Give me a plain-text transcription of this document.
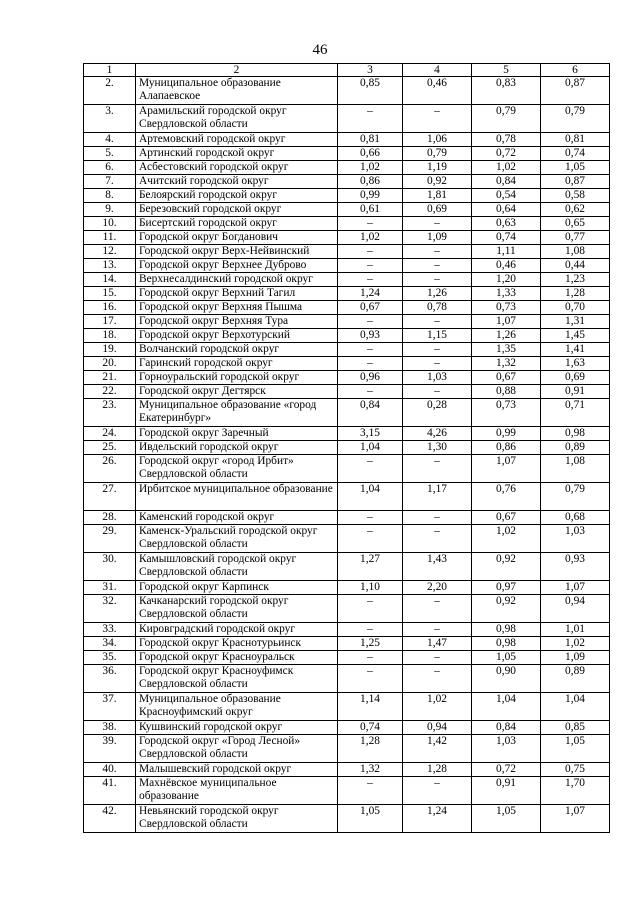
46
1	2	3	4	5	6
2.	Муниципальное образование Алапаевское	0,85	0,46	0,83	0,87
3.	Арамильский городской округ Свердловской области	–	–	0,79	0,79
4.	Артемовский городской округ	0,81	1,06	0,78	0,81
5.	Артинский городской округ	0,66	0,79	0,72	0,74
6.	Асбестовский городской округ	1,02	1,19	1,02	1,05
7.	Ачитский городской округ	0,86	0,92	0,84	0,87
8.	Белоярский городской округ	0,99	1,81	0,54	0,58
9.	Березовский городской округ	0,61	0,69	0,64	0,62
10.	Бисертский городской округ	–	–	0,63	0,65
11.	Городской округ Богданович	1,02	1,09	0,74	0,77
12.	Городской округ Верх-Нейвинский	–	–	1,11	1,08
13.	Городской округ Верхнее Дуброво	–	–	0,46	0,44
14.	Верхнесалдинский городской округ	–	–	1,20	1,23
15.	Городской округ Верхний Тагил	1,24	1,26	1,33	1,28
16.	Городской округ Верхняя Пышма	0,67	0,78	0,73	0,70
17.	Городской округ Верхняя Тура	–	–	1,07	1,31
18.	Городской округ Верхотурский	0,93	1,15	1,26	1,45
19.	Волчанский городской округ	–	–	1,35	1,41
20.	Гаринский городской округ	–	–	1,32	1,63
21.	Горноуральский городской округ	0,96	1,03	0,67	0,69
22.	Городской округ Дегтярск	–	–	0,88	0,91
23.	Муниципальное образование «город Екатеринбург»	0,84	0,28	0,73	0,71
24.	Городской округ Заречный	3,15	4,26	0,99	0,98
25.	Ивдельский городской округ	1,04	1,30	0,86	0,89
26.	Городской округ «город Ирбит» Свердловской области	–	–	1,07	1,08
27.	Ирбитское муниципальное образование	1,04	1,17	0,76	0,79
28.	Каменский городской округ	–	–	0,67	0,68
29.	Каменск-Уральский городской округ Свердловской области	–	–	1,02	1,03
30.	Камышловский городской округ Свердловской области	1,27	1,43	0,92	0,93
31.	Городской округ Карпинск	1,10	2,20	0,97	1,07
32.	Качканарский городской округ Свердловской области	–	–	0,92	0,94
33.	Кировградский городской округ	–	–	0,98	1,01
34.	Городской округ Краснотурьинск	1,25	1,47	0,98	1,02
35.	Городской округ Красноуральск	–	–	1,05	1,09
36.	Городской округ Красноуфимск Свердловской области	–	–	0,90	0,89
37.	Муниципальное образование Красноуфимский округ	1,14	1,02	1,04	1,04
38.	Кушвинский городской округ	0,74	0,94	0,84	0,85
39.	Городской округ «Город Лесной» Свердловской области	1,28	1,42	1,03	1,05
40.	Малышевский городской округ	1,32	1,28	0,72	0,75
41.	Махнёвское муниципальное образование	–	–	0,91	1,70
42.	Невьянский городской округ Свердловской области	1,05	1,24	1,05	1,07
